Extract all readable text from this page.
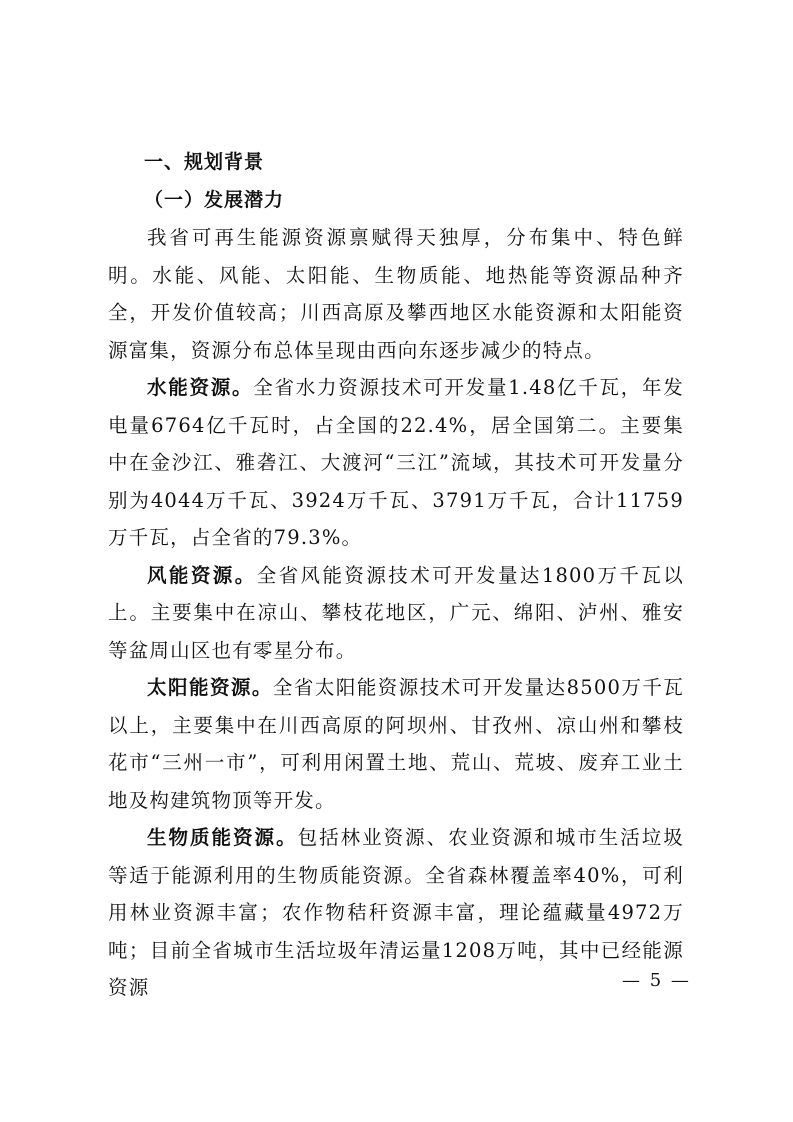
一、规划背景
（一）发展潜力

我省可再生能源资源禀赋得天独厚，分布集中、特色鲜明。水能、风能、太阳能、生物质能、地热能等资源品种齐全，开发价值较高；川西高原及攀西地区水能资源和太阳能资源富集，资源分布总体呈现由西向东逐步减少的特点。

水能资源。全省水力资源技术可开发量1.48亿千瓦，年发电量6764亿千瓦时，占全国的22.4%，居全国第二。主要集中在金沙江、雅砻江、大渡河“三江”流域，其技术可开发量分别为4044万千瓦、3924万千瓦、3791万千瓦，合计11759万千瓦，占全省的79.3%。

风能资源。全省风能资源技术可开发量达1800万千瓦以上。主要集中在凉山、攀枝花地区，广元、绵阳、泸州、雅安等盆周山区也有零星分布。

太阳能资源。全省太阳能资源技术可开发量达8500万千瓦以上，主要集中在川西高原的阿坝州、甘孜州、凉山州和攀枝花市“三州一市”，可利用闲置土地、荒山、荒坡、废弃工业土地及构建筑物顶等开发。

生物质能资源。包括林业资源、农业资源和城市生活垃圾等适于能源利用的生物质能资源。全省森林覆盖率40%，可利用林业资源丰富；农作物秸秆资源丰富，理论蕴藏量4972万吨；目前全省城市生活垃圾年清运量1208万吨，其中已经能源资源	— 5 —
